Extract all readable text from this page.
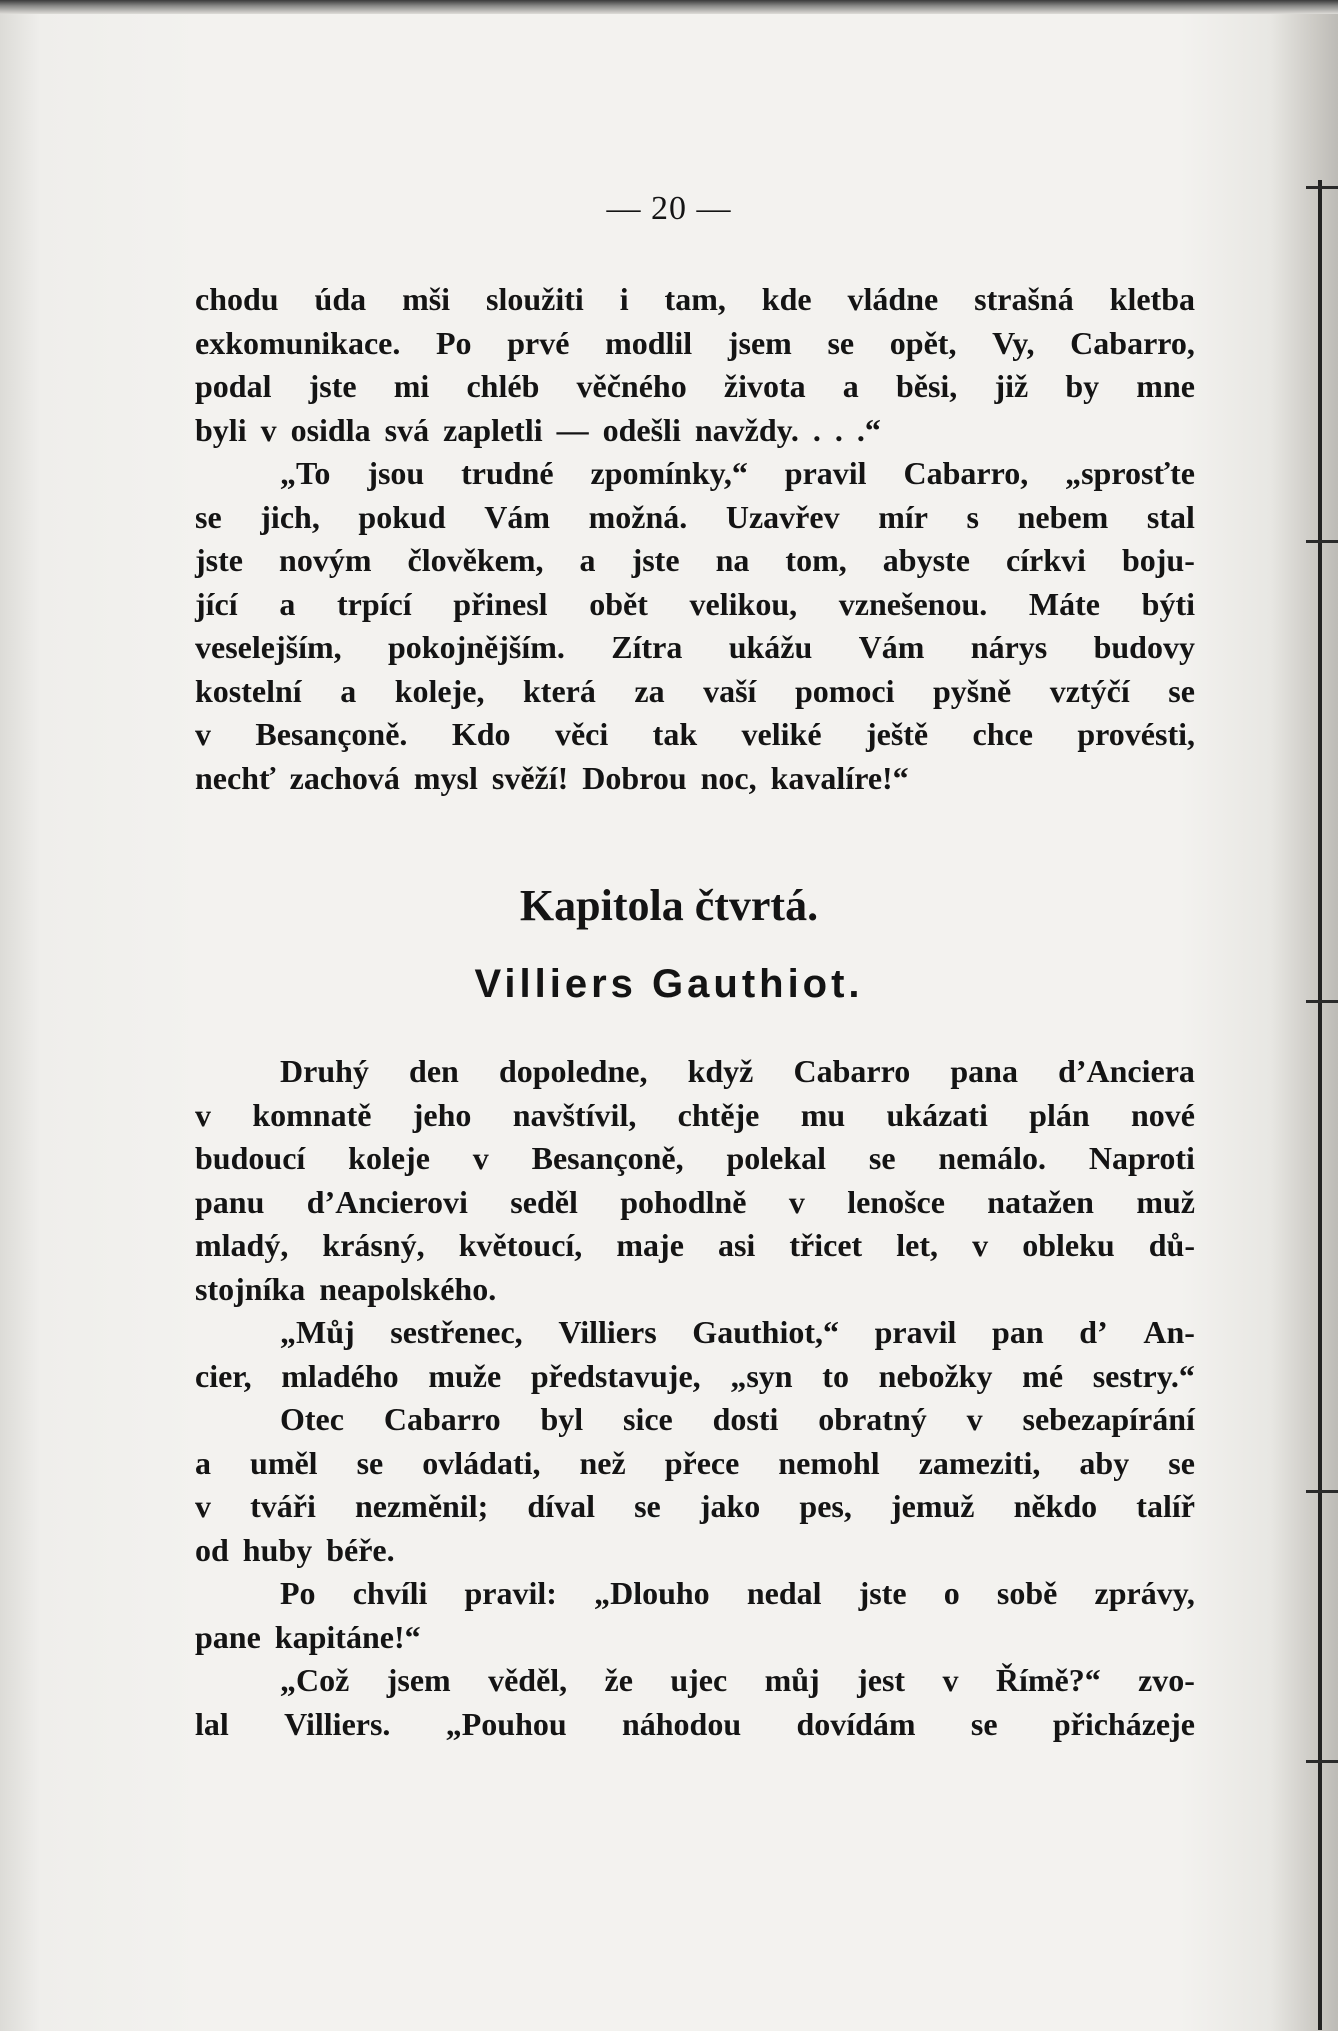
— 20 —
chodu úda mši sloužiti i tam, kde vládne strašná kletba
exkomunikace. Po prvé modlil jsem se opět, Vy, Cabarro,
podal jste mi chléb věčného života a běsi, již by mne
byli v osidla svá zapletli — odešli navždy. . . .“
„To jsou trudné zpomínky,“ pravil Cabarro, „sprosťte
se jich, pokud Vám možná. Uzavřev mír s nebem stal
jste novým člověkem, a jste na tom, abyste církvi boju-
jící a trpící přinesl obět velikou, vznešenou. Máte býti
veselejším, pokojnějším. Zítra ukážu Vám nárys budovy
kostelní a koleje, která za vaší pomoci pyšně vztýčí se
v Besançoně. Kdo věci tak veliké ještě chce provésti,
nechť zachová mysl svěží! Dobrou noc, kavalíre!“
Kapitola čtvrtá.
Villiers Gauthiot.
Druhý den dopoledne, když Cabarro pana d’Anciera
v komnatě jeho navštívil, chtěje mu ukázati plán nové
budoucí koleje v Besançoně, polekal se nemálo. Naproti
panu d’Ancierovi seděl pohodlně v lenošce natažen muž
mladý, krásný, květoucí, maje asi třicet let, v obleku dů-
stojníka neapolského.
„Můj sestřenec, Villiers Gauthiot,“ pravil pan d’ An-
cier, mladého muže představuje, „syn to nebožky mé sestry.“
Otec Cabarro byl sice dosti obratný v sebezapírání
a uměl se ovládati, než přece nemohl zameziti, aby se
v tváři nezměnil; díval se jako pes, jemuž někdo talíř
od huby béře.
Po chvíli pravil: „Dlouho nedal jste o sobě zprávy,
pane kapitáne!“
„Což jsem věděl, že ujec můj jest v Římě?“ zvo-
lal Villiers. „Pouhou náhodou dovídám se přicházeje
